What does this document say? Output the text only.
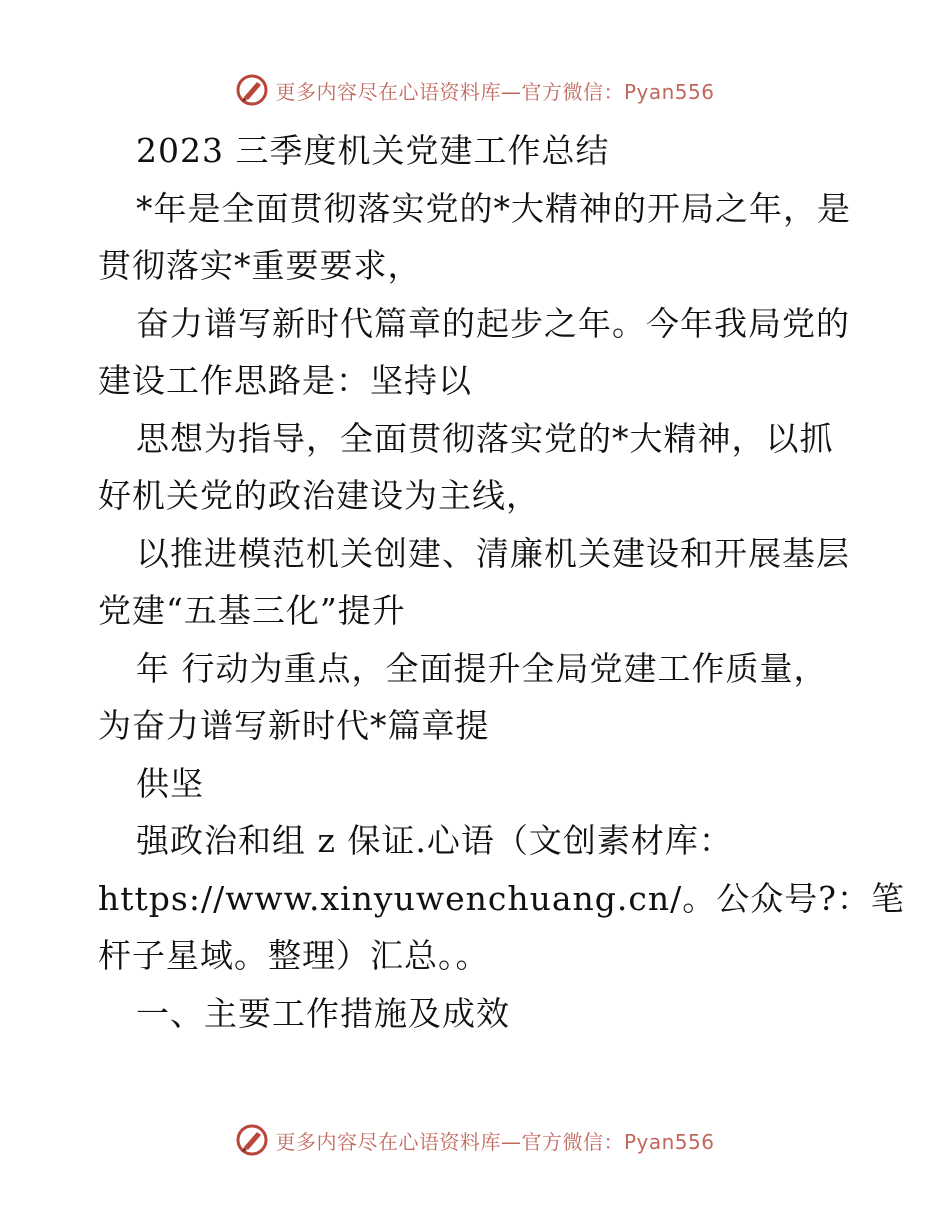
更多内容尽在心语资料库—官方微信：Pyan556
2023 三季度机关党建工作总结
*年是全面贯彻落实党的*大精神的开局之年，是
贯彻落实*重要要求，
奋力谱写新时代篇章的起步之年。今年我局党的
建设工作思路是：坚持以
思想为指导，全面贯彻落实党的*大精神，以抓
好机关党的政治建设为主线，
以推进模范机关创建、清廉机关建设和开展基层
党建“五基三化”提升
年 行动为重点，全面提升全局党建工作质量，
为奋力谱写新时代*篇章提
供坚
强政治和组 z 保证.心语（文创素材库：
https://www.xinyuwenchuang.cn/。公众号?：笔
杆子星域。整理）汇总。。
一、主要工作措施及成效
更多内容尽在心语资料库—官方微信：Pyan556
